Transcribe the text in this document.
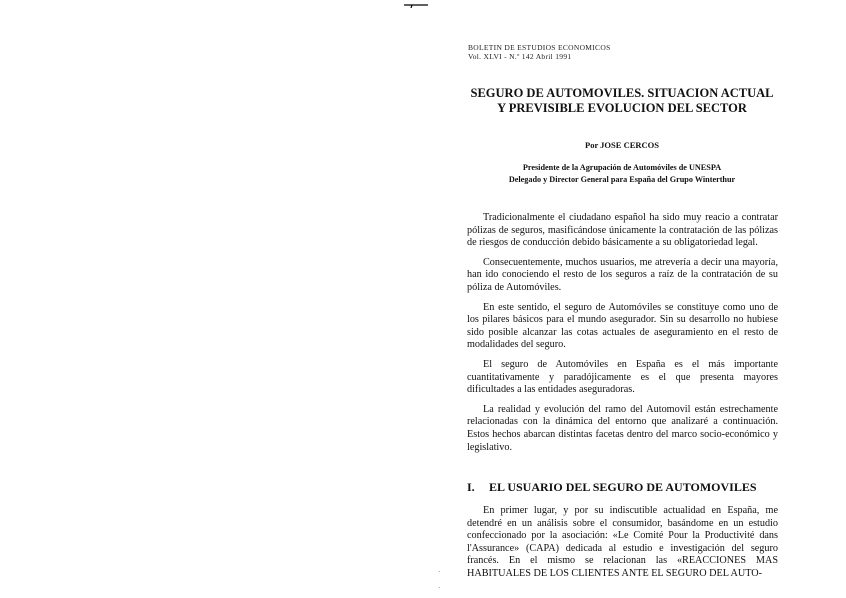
·
·
BOLETIN DE ESTUDIOS ECONOMICOS
Vol. XLVI - N.º 142 Abril 1991
SEGURO DE AUTOMOVILES. SITUACION ACTUAL
Y PREVISIBLE EVOLUCION DEL SECTOR
Por JOSE CERCOS
Presidente de la Agrupación de Automóviles de UNESPA
Delegado y Director General para España del Grupo Winterthur

Tradicionalmente el ciudadano español ha sido muy reacio a contratar pólizas de seguros, masificándose únicamente la contratación de las pólizas de riesgos de conducción debido básicamente a su obligatoriedad legal.

Consecuentemente, muchos usuarios, me atrevería a decir una mayoría, han ido conociendo el resto de los seguros a raíz de la contratación de su póliza de Automóviles.

En este sentido, el seguro de Automóviles se constituye como uno de los pilares básicos para el mundo asegurador. Sin su desarrollo no hubiese sido posible alcanzar las cotas actuales de aseguramiento en el resto de modalidades del seguro.

El seguro de Automóviles en España es el más importante cuantitativamente y paradójicamente es el que presenta mayores dificultades a las entidades aseguradoras.

La realidad y evolución del ramo del Automovil están estrechamente relacionadas con la dinámica del entorno que analizaré a continuación. Estos hechos abarcan distintas facetas dentro del marco socio-económico y legislativo.

I. EL USUARIO DEL SEGURO DE AUTOMOVILES

En primer lugar, y por su indiscutible actualidad en España, me detendré en un análisis sobre el consumidor, basándome en un estudio confeccionado por la asociación: «Le Comité Pour la Productivité dans l'Assurance» (CAPA) dedicada al estudio e investigación del seguro francés. En el mismo se relacionan las «REACCIONES MAS HABITUALES DE LOS CLIENTES ANTE EL SEGURO DEL AUTO-
